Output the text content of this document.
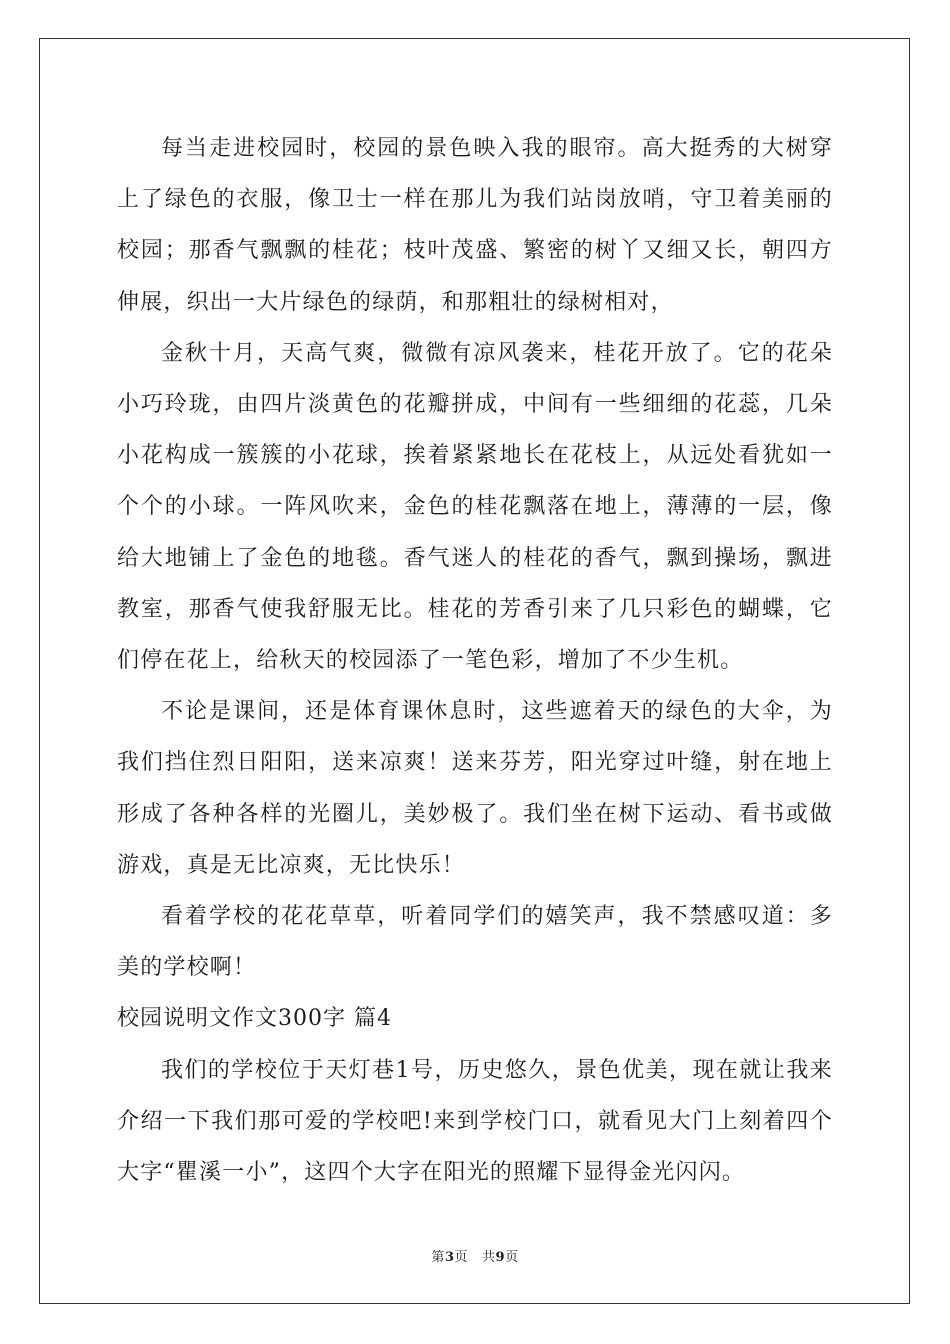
每当走进校园时，校园的景色映入我的眼帘。高大挺秀的大树穿上了绿色的衣服，像卫士一样在那儿为我们站岗放哨，守卫着美丽的校园；那香气飘飘的桂花；枝叶茂盛、繁密的树丫又细又长，朝四方伸展，织出一大片绿色的绿荫，和那粗壮的绿树相对，

金秋十月，天高气爽，微微有凉风袭来，桂花开放了。它的花朵小巧玲珑，由四片淡黄色的花瓣拼成，中间有一些细细的花蕊，几朵小花构成一簇簇的小花球，挨着紧紧地长在花枝上，从远处看犹如一个个的小球。一阵风吹来，金色的桂花飘落在地上，薄薄的一层，像给大地铺上了金色的地毯。香气迷人的桂花的香气，飘到操场，飘进教室，那香气使我舒服无比。桂花的芳香引来了几只彩色的蝴蝶，它们停在花上，给秋天的校园添了一笔色彩，增加了不少生机。

不论是课间，还是体育课休息时，这些遮着天的绿色的大伞，为我们挡住烈日阳阳，送来凉爽！送来芬芳，阳光穿过叶缝，射在地上形成了各种各样的光圈儿，美妙极了。我们坐在树下运动、看书或做游戏，真是无比凉爽，无比快乐！

看着学校的花花草草，听着同学们的嬉笑声，我不禁感叹道：多美的学校啊！

校园说明文作文300字 篇4

我们的学校位于天灯巷1号，历史悠久，景色优美，现在就让我来介绍一下我们那可爱的学校吧!来到学校门口，就看见大门上刻着四个大字“瞿溪一小”，这四个大字在阳光的照耀下显得金光闪闪。

第3页 共9页
